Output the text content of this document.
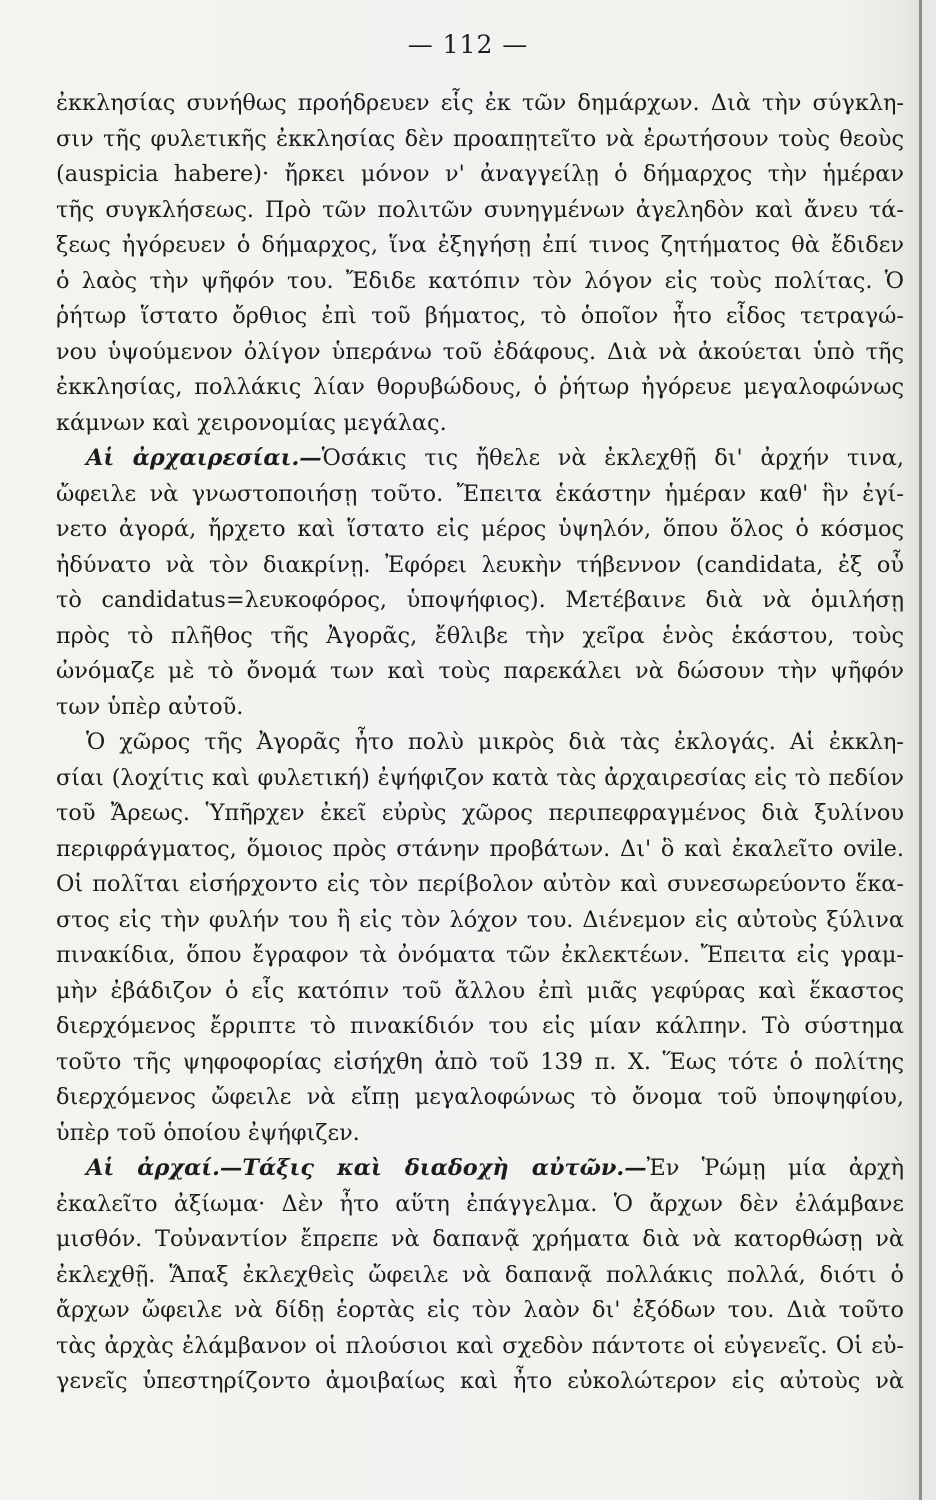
— 112 —
ἐκκλησίας συνήθως προήδρευεν εἷς ἐκ τῶν δημάρχων. Διὰ τὴν σύγκλη-
σιν τῆς φυλετικῆς ἐκκλησίας δὲν προαπῃτεῖτο νὰ ἐρωτήσουν τοὺς θεοὺς
(auspicia habere)· ἤρκει μόνον ν' ἀναγγείλῃ ὁ δήμαρχος τὴν ἡμέραν
τῆς συγκλήσεως. Πρὸ τῶν πολιτῶν συνηγμένων ἀγεληδὸν καὶ ἄνευ τά-
ξεως ἠγόρευεν ὁ δήμαρχος, ἵνα ἐξηγήσῃ ἐπί τινος ζητήματος θὰ ἔδιδεν
ὁ λαὸς τὴν ψῆφόν του. Ἔδιδε κατόπιν τὸν λόγον εἰς τοὺς πολίτας. Ὁ
ῥήτωρ ἵστατο ὄρθιος ἐπὶ τοῦ βήματος, τὸ ὁποῖον ἦτο εἶδος τετραγώ-
νου ὑψούμενον ὀλίγον ὑπεράνω τοῦ ἐδάφους. Διὰ νὰ ἀκούεται ὑπὸ τῆς
ἐκκλησίας, πολλάκις λίαν θορυβώδους, ὁ ῥήτωρ ἠγόρευε μεγαλοφώνως
κάμνων καὶ χειρονομίας μεγάλας.
Αἱ ἀρχαιρεσίαι.—Ὁσάκις τις ἤθελε νὰ ἐκλεχθῇ δι' ἀρχήν τινα,
ὤφειλε νὰ γνωστοποιήσῃ τοῦτο. Ἔπειτα ἑκάστην ἡμέραν καθ' ἣν ἐγί-
νετο ἀγορά, ἤρχετο καὶ ἵστατο εἰς μέρος ὑψηλόν, ὅπου ὅλος ὁ κόσμος
ἠδύνατο νὰ τὸν διακρίνῃ. Ἐφόρει λευκὴν τήβεννον (candidata, ἐξ οὗ
τὸ candidatus=λευκοφόρος, ὑποψήφιος). Μετέβαινε διὰ νὰ ὁμιλήσῃ
πρὸς τὸ πλῆθος τῆς Ἀγορᾶς, ἔθλιβε τὴν χεῖρα ἑνὸς ἑκάστου, τοὺς
ὠνόμαζε μὲ τὸ ὄνομά των καὶ τοὺς παρεκάλει νὰ δώσουν τὴν ψῆφόν
των ὑπὲρ αὐτοῦ.
Ὁ χῶρος τῆς Ἀγορᾶς ἦτο πολὺ μικρὸς διὰ τὰς ἐκλογάς. Αἱ ἐκκλη-
σίαι (λοχίτις καὶ φυλετική) ἐψήφιζον κατὰ τὰς ἀρχαιρεσίας εἰς τὸ πεδίον
τοῦ Ἄρεως. Ὑπῆρχεν ἐκεῖ εὐρὺς χῶρος περιπεφραγμένος διὰ ξυλίνου
περιφράγματος, ὅμοιος πρὸς στάνην προβάτων. Δι' ὃ καὶ ἐκαλεῖτο ovile.
Οἱ πολῖται εἰσήρχοντο εἰς τὸν περίβολον αὐτὸν καὶ συνεσωρεύοντο ἕκα-
στος εἰς τὴν φυλήν του ἢ εἰς τὸν λόχον του. Διένεμον εἰς αὐτοὺς ξύλινα
πινακίδια, ὅπου ἔγραφον τὰ ὀνόματα τῶν ἐκλεκτέων. Ἔπειτα εἰς γραμ-
μὴν ἐβάδιζον ὁ εἷς κατόπιν τοῦ ἄλλου ἐπὶ μιᾶς γεφύρας καὶ ἕκαστος
διερχόμενος ἔρριπτε τὸ πινακίδιόν του εἰς μίαν κάλπην. Τὸ σύστημα
τοῦτο τῆς ψηφοφορίας εἰσήχθη ἀπὸ τοῦ 139 π. Χ. Ἕως τότε ὁ πολίτης
διερχόμενος ὤφειλε νὰ εἴπῃ μεγαλοφώνως τὸ ὄνομα τοῦ ὑποψηφίου,
ὑπὲρ τοῦ ὁποίου ἐψήφιζεν.
Αἱ ἀρχαί.—Τάξις καὶ διαδοχὴ αὐτῶν.—Ἐν Ῥώμῃ μία ἀρχὴ
ἐκαλεῖτο ἀξίωμα· Δὲν ἦτο αὕτη ἐπάγγελμα. Ὁ ἄρχων δὲν ἐλάμβανε
μισθόν. Τοὐναντίον ἔπρεπε νὰ δαπανᾷ χρήματα διὰ νὰ κατορθώσῃ νὰ
ἐκλεχθῇ. Ἅπαξ ἐκλεχθεὶς ὤφειλε νὰ δαπανᾷ πολλάκις πολλά, διότι ὁ
ἄρχων ὤφειλε νὰ δίδῃ ἑορτὰς εἰς τὸν λαὸν δι' ἐξόδων του. Διὰ τοῦτο
τὰς ἀρχὰς ἐλάμβανον οἱ πλούσιοι καὶ σχεδὸν πάντοτε οἱ εὐγενεῖς. Οἱ εὐ-
γενεῖς ὑπεστηρίζοντο ἀμοιβαίως καὶ ἦτο εὐκολώτερον εἰς αὐτοὺς νὰ
